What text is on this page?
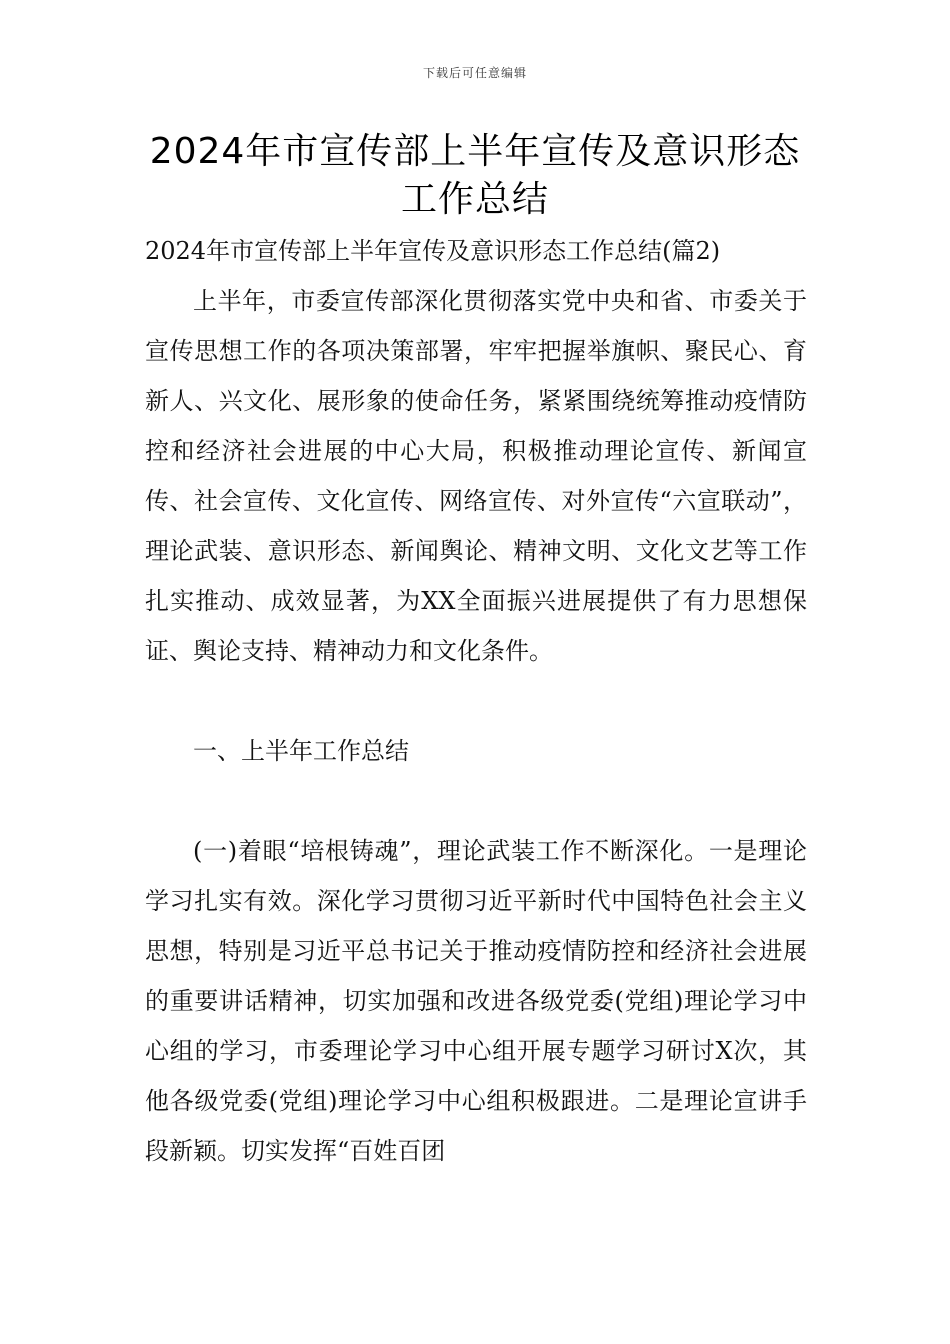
下载后可任意编辑
2024年市宣传部上半年宣传及意识形态工作总结

2024年市宣传部上半年宣传及意识形态工作总结(篇2)

上半年，市委宣传部深化贯彻落实党中央和省、市委关于宣传思想工作的各项决策部署，牢牢把握举旗帜、聚民心、育新人、兴文化、展形象的使命任务，紧紧围绕统筹推动疫情防控和经济社会进展的中心大局，积极推动理论宣传、新闻宣传、社会宣传、文化宣传、网络宣传、对外宣传“六宣联动”，理论武装、意识形态、新闻舆论、精神文明、文化文艺等工作扎实推动、成效显著，为XX全面振兴进展提供了有力思想保证、舆论支持、精神动力和文化条件。

一、上半年工作总结

(一)着眼“培根铸魂”，理论武装工作不断深化。一是理论学习扎实有效。深化学习贯彻习近平新时代中国特色社会主义思想，特别是习近平总书记关于推动疫情防控和经济社会进展的重要讲话精神，切实加强和改进各级党委(党组)理论学习中心组的学习，市委理论学习中心组开展专题学习研讨X次，其他各级党委(党组)理论学习中心组积极跟进。二是理论宣讲手段新颖。切实发挥“百姓百团
